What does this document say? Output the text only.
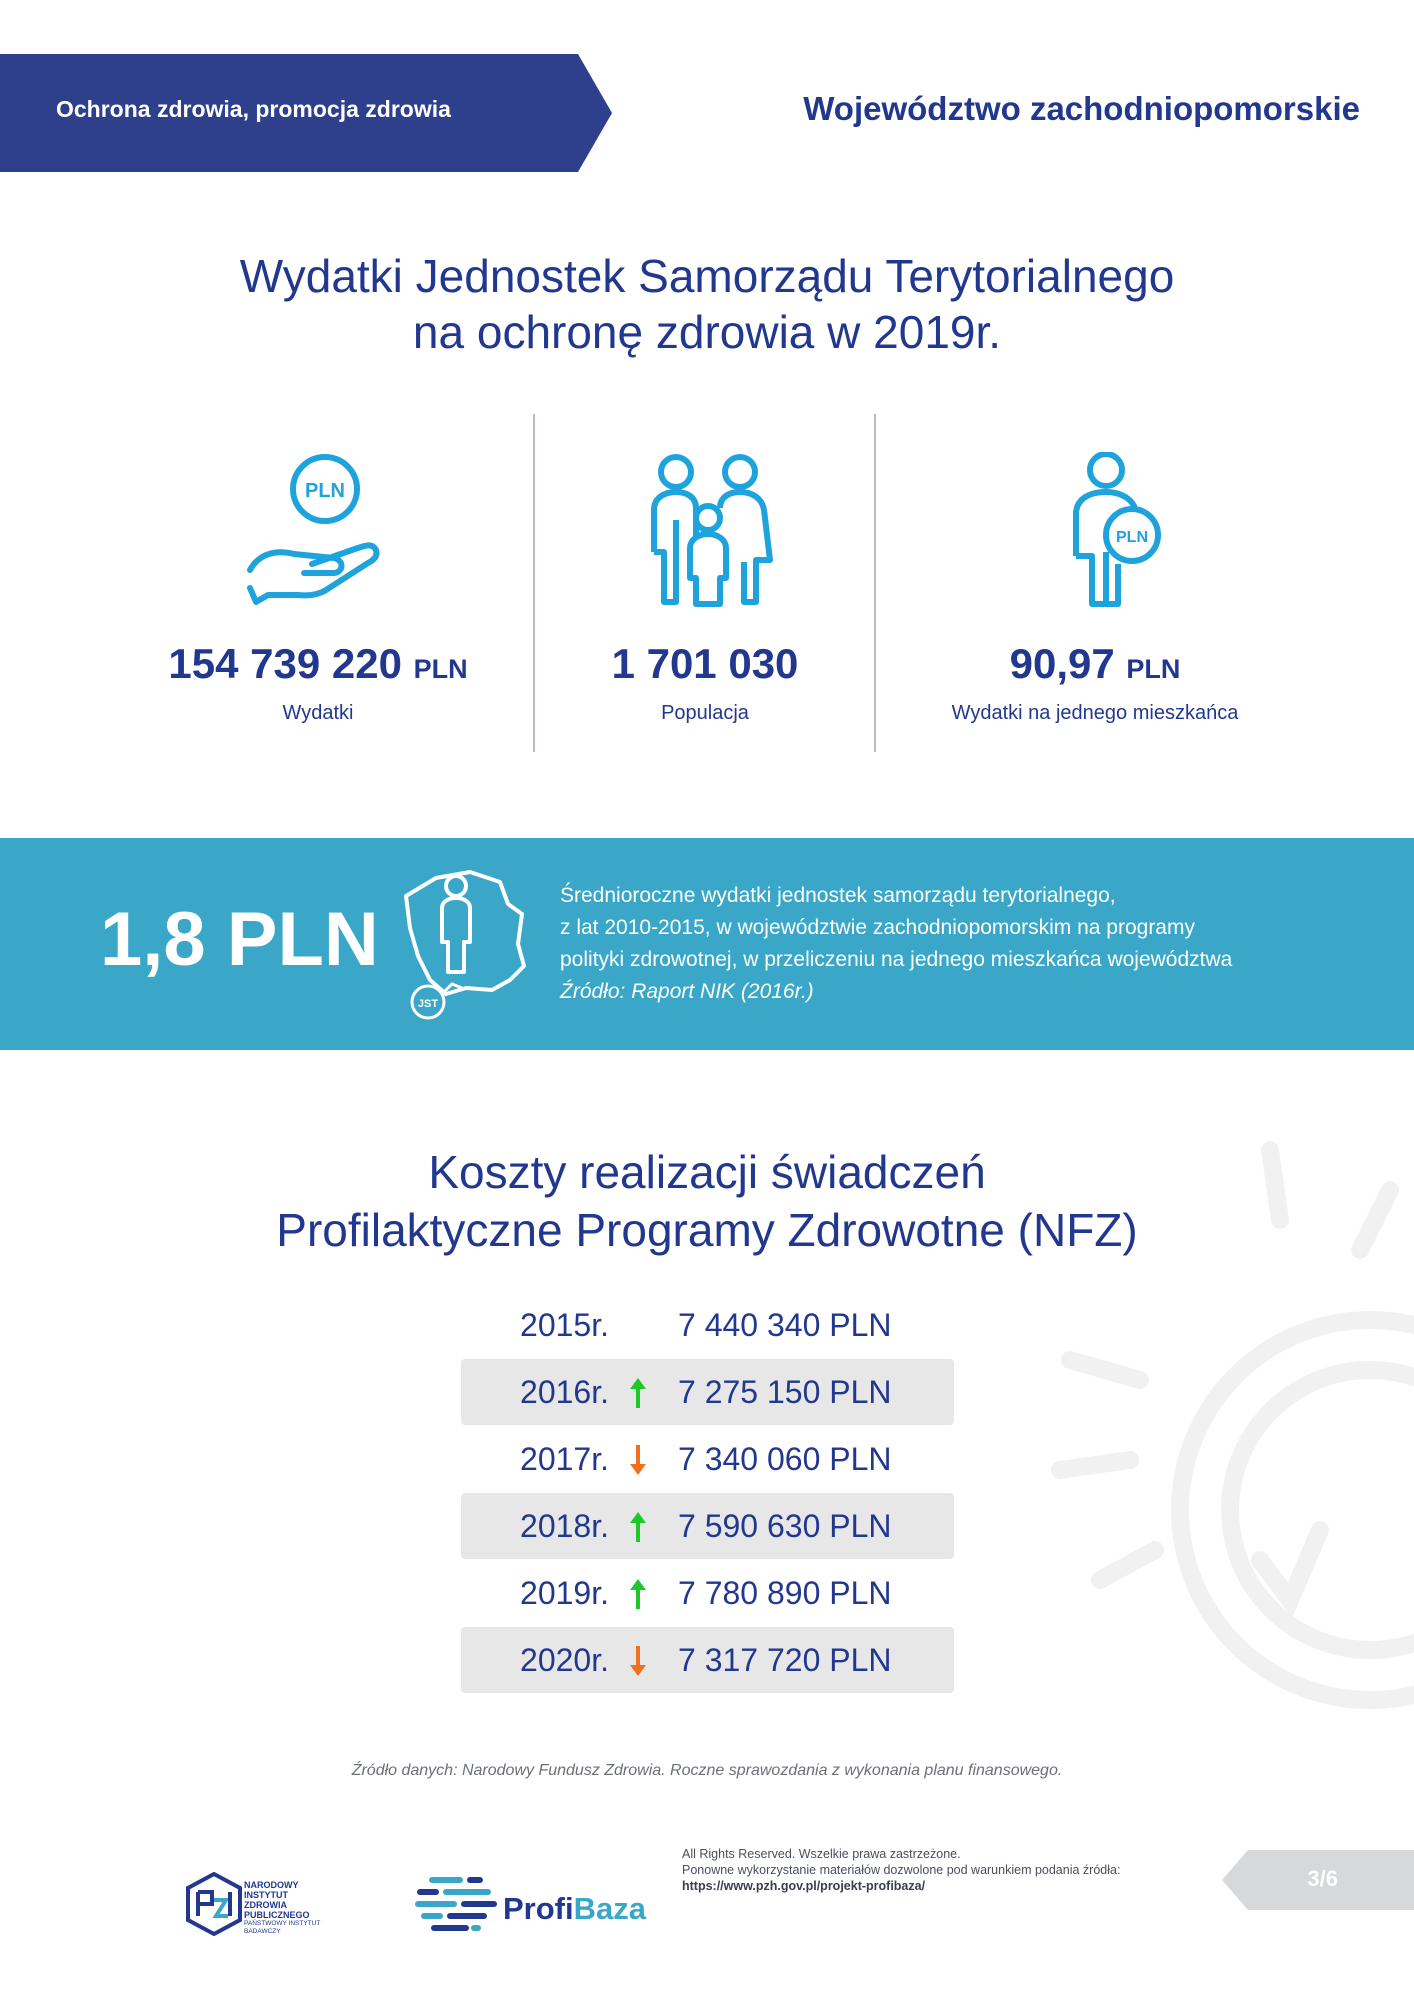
Ochrona zdrowia, promocja zdrowia	Województwo zachodniopomorskie
Wydatki Jednostek Samorządu Terytorialnego
na ochronę zdrowia w 2019r.
PLN
PLN
154 739 220 PLN
Wydatki
1 701 030
Populacja
90,97 PLN
Wydatki na jednego mieszkańca
1,8 PLN
JST
Średnioroczne wydatki jednostek samorządu terytorialnego,
z lat 2010-2015, w województwie zachodniopomorskim na programy
polityki zdrowotnej, w przeliczeniu na jednego mieszkańca województwa
Źródło: Raport NIK (2016r.)
Koszty realizacji świadczeń
Profilaktyczne Programy Zdrowotne (NFZ)
2015r. 7 440 340 PLN
2016r. 7 275 150 PLN
2017r. 7 340 060 PLN
2018r. 7 590 630 PLN
2019r. 7 780 890 PLN
2020r. 7 317 720 PLN
Źródło danych: Narodowy Fundusz Zdrowia. Roczne sprawozdania z wykonania planu finansowego.
NARODOWY
INSTYTUT
ZDROWIA
PUBLICZNEGO
PAŃSTWOWY INSTYTUT
BADAWCZY
ProfiBaza
All Rights Reserved. Wszelkie prawa zastrzeżone.
Ponowne wykorzystanie materiałów dozwolone pod warunkiem podania źródła:
https://www.pzh.gov.pl/projekt-profibaza/	3/6
